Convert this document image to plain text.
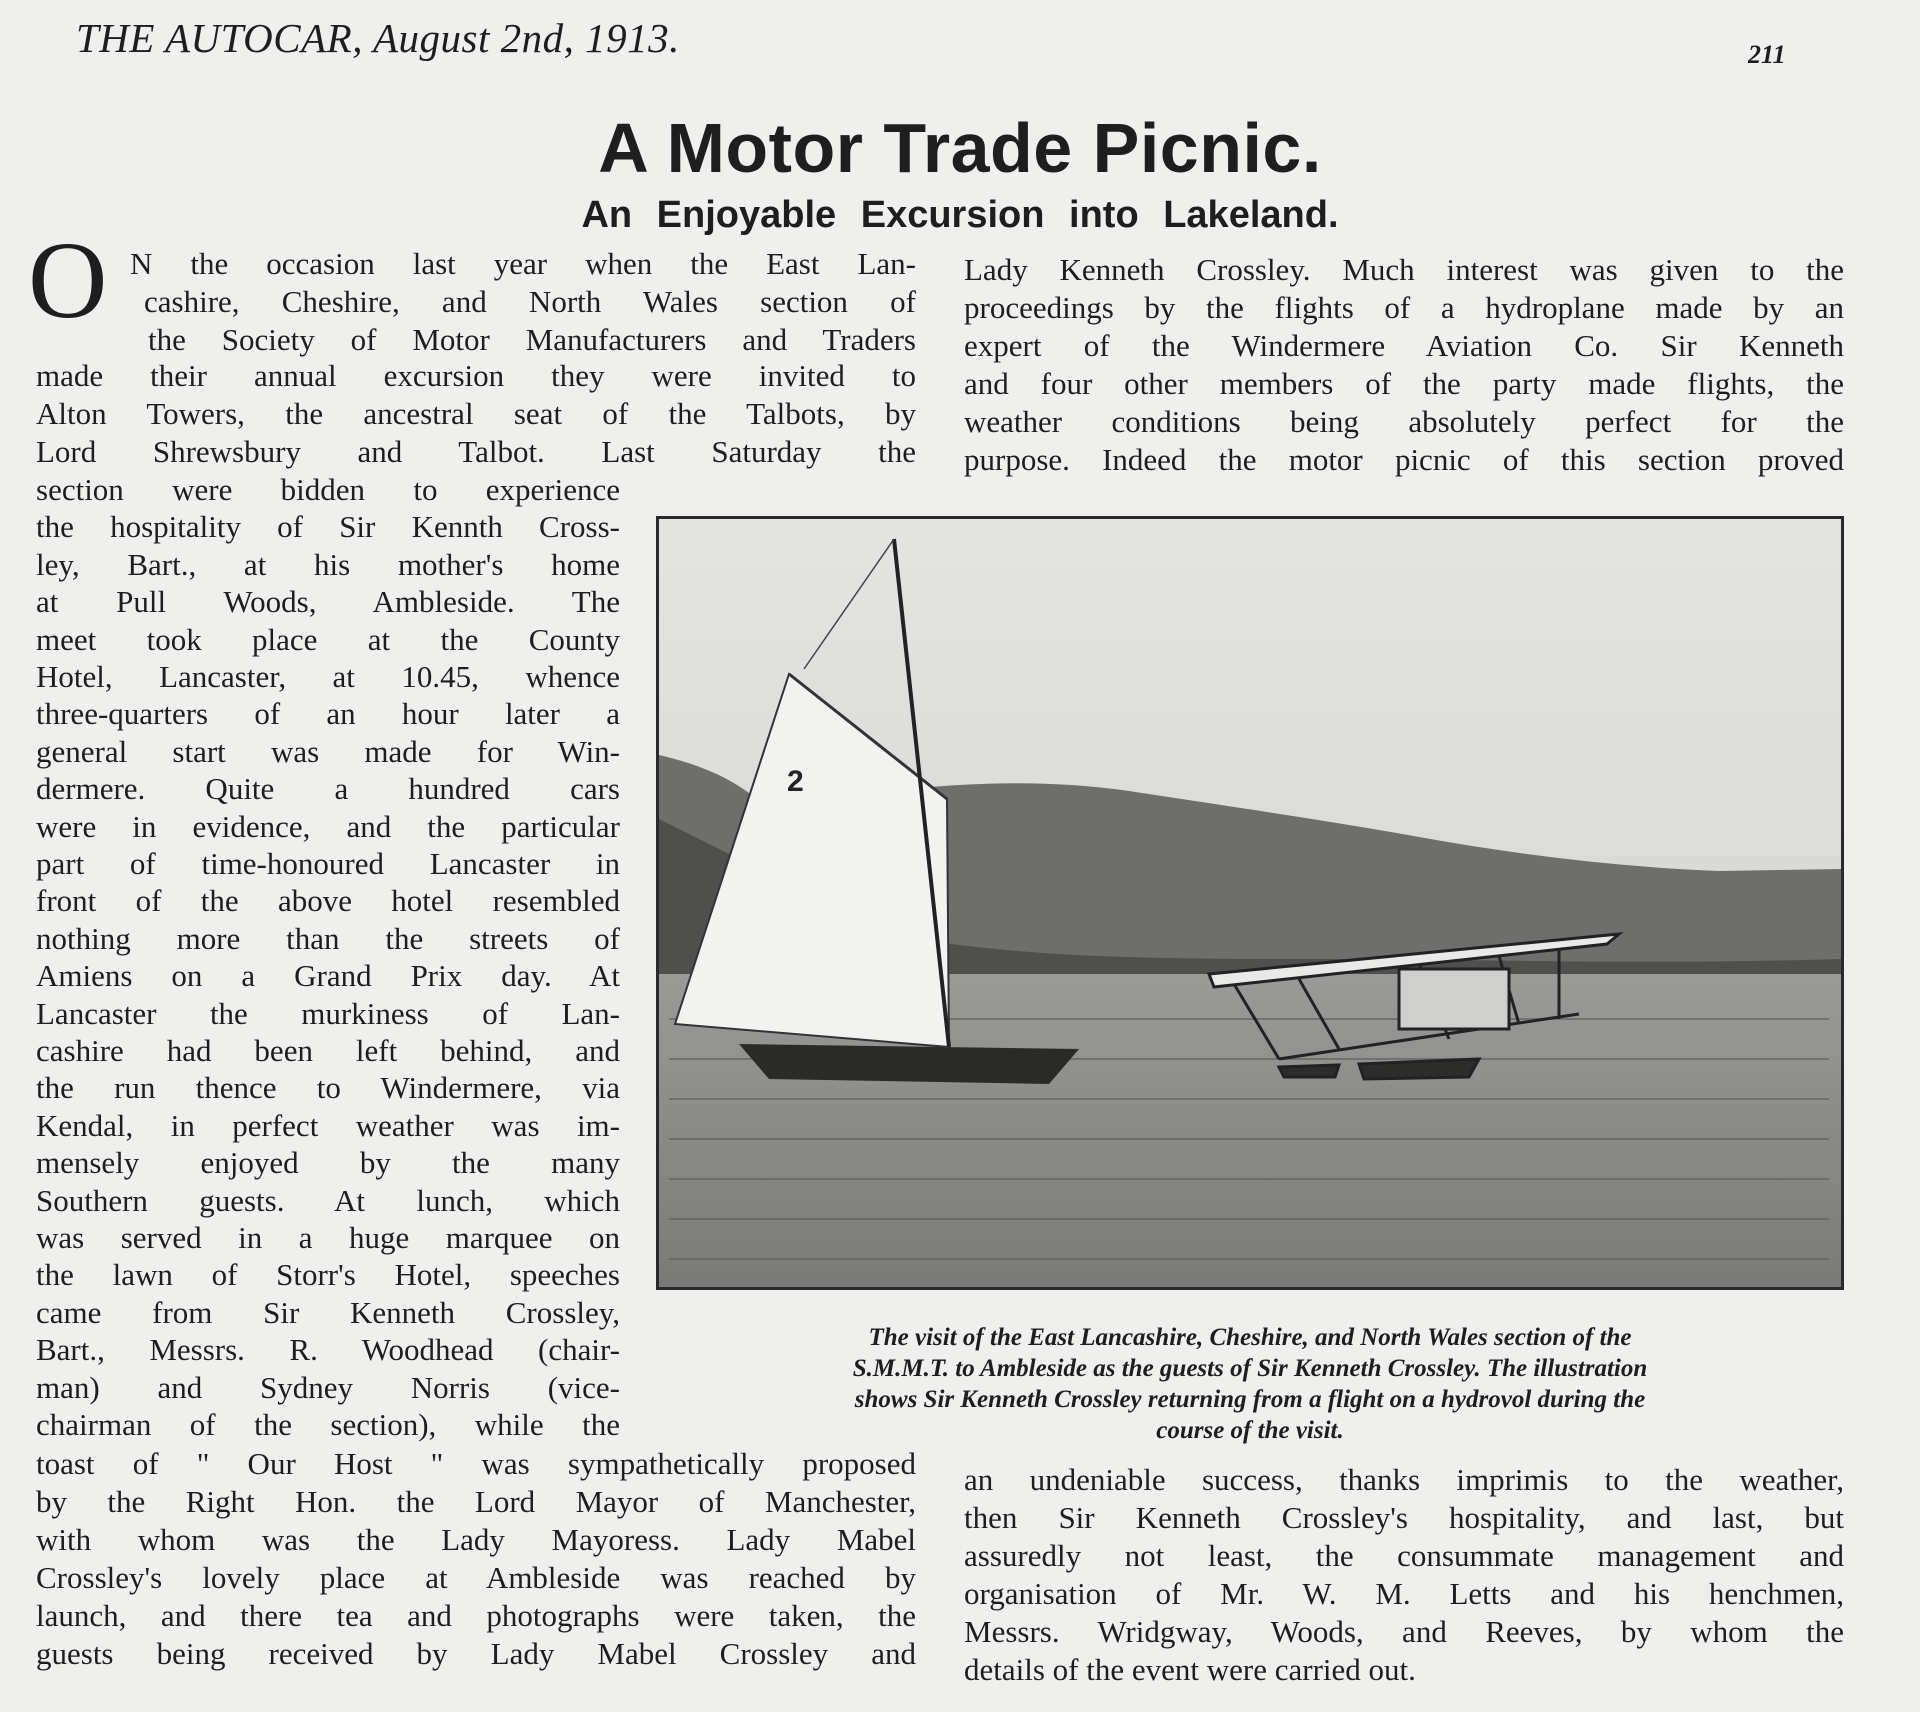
THE AUTOCAR, August 2nd, 1913.	211
A Motor Trade Picnic.
An Enjoyable Excursion into Lakeland.
O N the occasion last year when the East Lan-
cashire, Cheshire, and North Wales section of
the Society of Motor Manufacturers and Traders
made their annual excursion they were invited to
Alton Towers, the ancestral seat of the Talbots, by
Lord Shrewsbury and Talbot. Last Saturday the
section were bidden to experience
the hospitality of Sir Kennth Cross-
ley, Bart., at his mother's home
at Pull Woods, Ambleside. The
meet took place at the County
Hotel, Lancaster, at 10.45, whence
three-quarters of an hour later a
general start was made for Win-
dermere. Quite a hundred cars
were in evidence, and the particular
part of time-honoured Lancaster in
front of the above hotel resembled
nothing more than the streets of
Amiens on a Grand Prix day. At
Lancaster the murkiness of Lan-
cashire had been left behind, and
the run thence to Windermere, via
Kendal, in perfect weather was im-
mensely enjoyed by the many
Southern guests. At lunch, which
was served in a huge marquee on
the lawn of Storr's Hotel, speeches
came from Sir Kenneth Crossley,
Bart., Messrs. R. Woodhead (chair-
man) and Sydney Norris (vice-
chairman of the section), while the
toast of " Our Host " was sympathetically proposed
by the Right Hon. the Lord Mayor of Manchester,
with whom was the Lady Mayoress. Lady Mabel
Crossley's lovely place at Ambleside was reached by
launch, and there tea and photographs were taken, the
guests being received by Lady Mabel Crossley and
Lady Kenneth Crossley. Much interest was given to the
proceedings by the flights of a hydroplane made by an
expert of the Windermere Aviation Co. Sir Kenneth
and four other members of the party made flights, the
weather conditions being absolutely perfect for the
purpose. Indeed the motor picnic of this section proved
2
The visit of the East Lancashire, Cheshire, and North Wales section of the
S.M.M.T. to Ambleside as the guests of Sir Kenneth Crossley. The illustration
shows Sir Kenneth Crossley returning from a flight on a hydrovol during the
course of the visit.
an undeniable success, thanks imprimis to the weather,
then Sir Kenneth Crossley's hospitality, and last, but
assuredly not least, the consummate management and
organisation of Mr. W. M. Letts and his henchmen,
Messrs. Wridgway, Woods, and Reeves, by whom the
details of the event were carried out.
